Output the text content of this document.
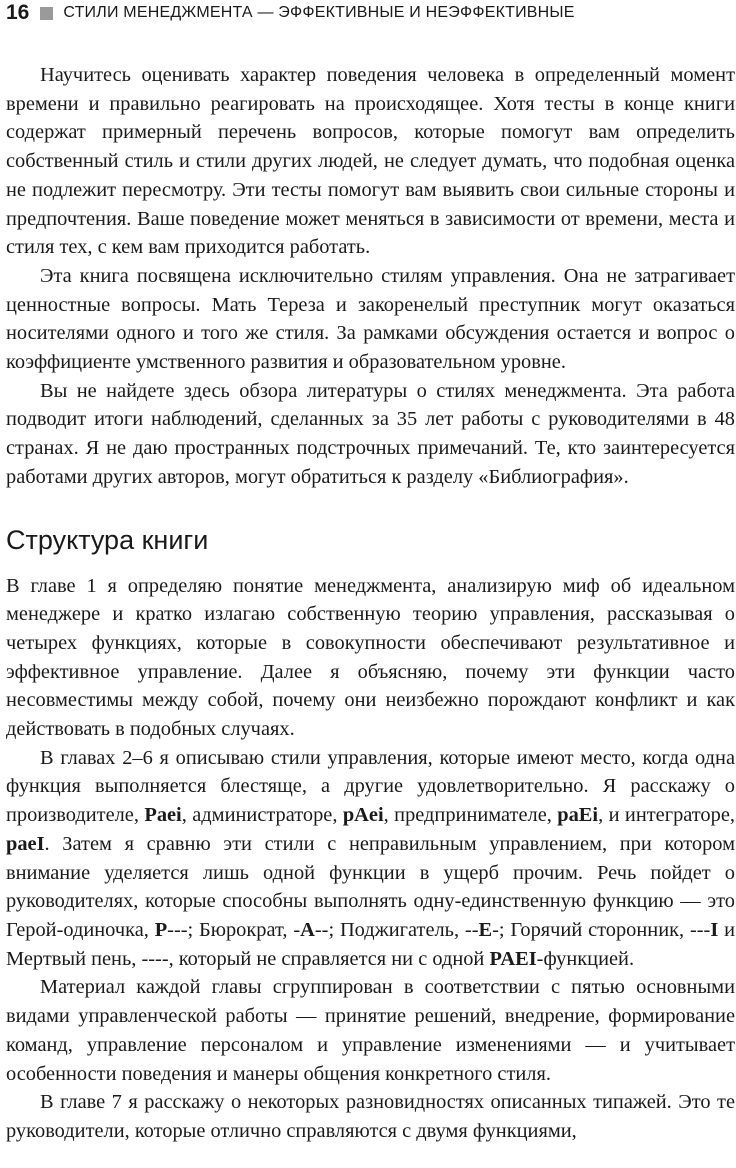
16 СТИЛИ МЕНЕДЖМЕНТА — ЭФФЕКТИВНЫЕ И НЕЭФФЕКТИВНЫЕ

Научитесь оценивать характер поведения человека в определенный момент времени и правильно реагировать на происходящее. Хотя тесты в конце книги содержат примерный перечень вопросов, которые помогут вам определить собственный стиль и стили других людей, не следует думать, что подобная оценка не подлежит пересмотру. Эти тесты помогут вам выявить свои сильные стороны и предпочтения. Ваше поведение может меняться в зависимости от времени, места и стиля тех, с кем вам приходится работать.

Эта книга посвящена исключительно стилям управления. Она не затрагивает ценностные вопросы. Мать Тереза и закоренелый преступник могут оказаться носителями одного и того же стиля. За рамками обсуждения остается и вопрос о коэффициенте умственного развития и образовательном уровне.

Вы не найдете здесь обзора литературы о стилях менеджмента. Эта работа подводит итоги наблюдений, сделанных за 35 лет работы с руководителями в 48 странах. Я не даю пространных подстрочных примечаний. Те, кто заинтересуется работами других авторов, могут обратиться к разделу «Библиография».

Структура книги

В главе 1 я определяю понятие менеджмента, анализирую миф об идеальном менеджере и кратко излагаю собственную теорию управления, рассказывая о четырех функциях, которые в совокупности обеспечивают результативное и эффективное управление. Далее я объясняю, почему эти функции часто несовместимы между собой, почему они неизбежно порождают конфликт и как действовать в подобных случаях.

В главах 2–6 я описываю стили управления, которые имеют место, когда одна функция выполняется блестяще, а другие удовлетворительно. Я расскажу о производителе, Paei, администраторе, pAei, предпринимателе, paEi, и интеграторе, paeI. Затем я сравню эти стили с неправильным управлением, при котором внимание уделяется лишь одной функции в ущерб прочим. Речь пойдет о руководителях, которые способны выполнять одну-единственную функцию — это Герой-одиночка, P---; Бюрократ, -A--; Поджигатель, --E-; Горячий сторонник, ---I и Мертвый пень, ----, который не справляется ни с одной PAEI-функцией.

Материал каждой главы сгруппирован в соответствии с пятью основными видами управленческой работы — принятие решений, внедрение, формирование команд, управление персоналом и управление изменениями — и учитывает особенности поведения и манеры общения конкретного стиля.

В главе 7 я расскажу о некоторых разновидностях описанных типажей. Это те руководители, которые отлично справляются с двумя функциями,
